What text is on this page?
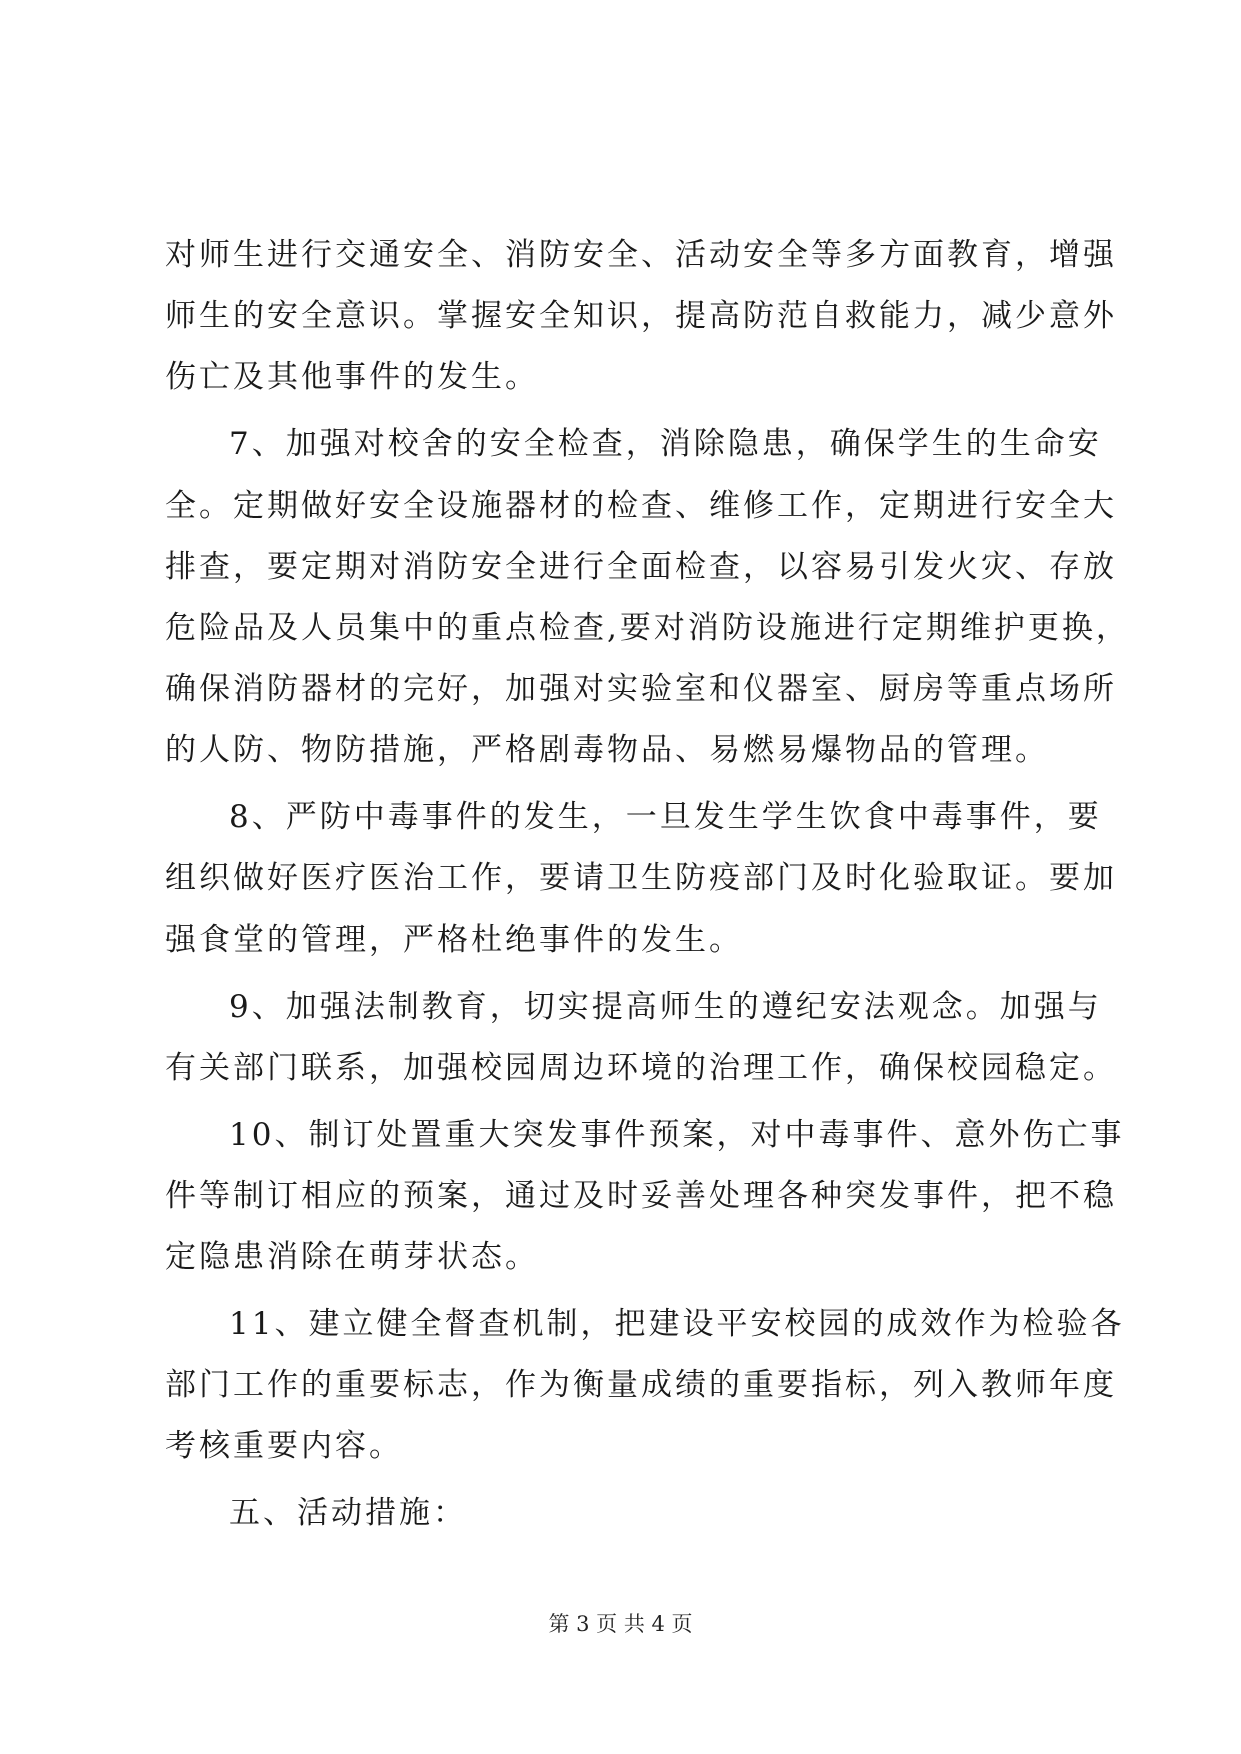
对师生进行交通安全、消防安全、活动安全等多方面教育，增强
师生的安全意识。掌握安全知识，提高防范自救能力，减少意外
伤亡及其他事件的发生。
7、加强对校舍的安全检查，消除隐患，确保学生的生命安
全。定期做好安全设施器材的检查、维修工作，定期进行安全大
排查，要定期对消防安全进行全面检查，以容易引发火灾、存放
危险品及人员集中的重点检查,要对消防设施进行定期维护更换，
确保消防器材的完好，加强对实验室和仪器室、厨房等重点场所
的人防、物防措施，严格剧毒物品、易燃易爆物品的管理。
8、严防中毒事件的发生，一旦发生学生饮食中毒事件，要
组织做好医疗医治工作，要请卫生防疫部门及时化验取证。要加
强食堂的管理，严格杜绝事件的发生。
9、加强法制教育，切实提高师生的遵纪安法观念。加强与
有关部门联系，加强校园周边环境的治理工作，确保校园稳定。
10、制订处置重大突发事件预案，对中毒事件、意外伤亡事
件等制订相应的预案，通过及时妥善处理各种突发事件，把不稳
定隐患消除在萌芽状态。
11、建立健全督查机制，把建设平安校园的成效作为检验各
部门工作的重要标志，作为衡量成绩的重要指标，列入教师年度
考核重要内容。
五、活动措施：
第 3 页 共 4 页
